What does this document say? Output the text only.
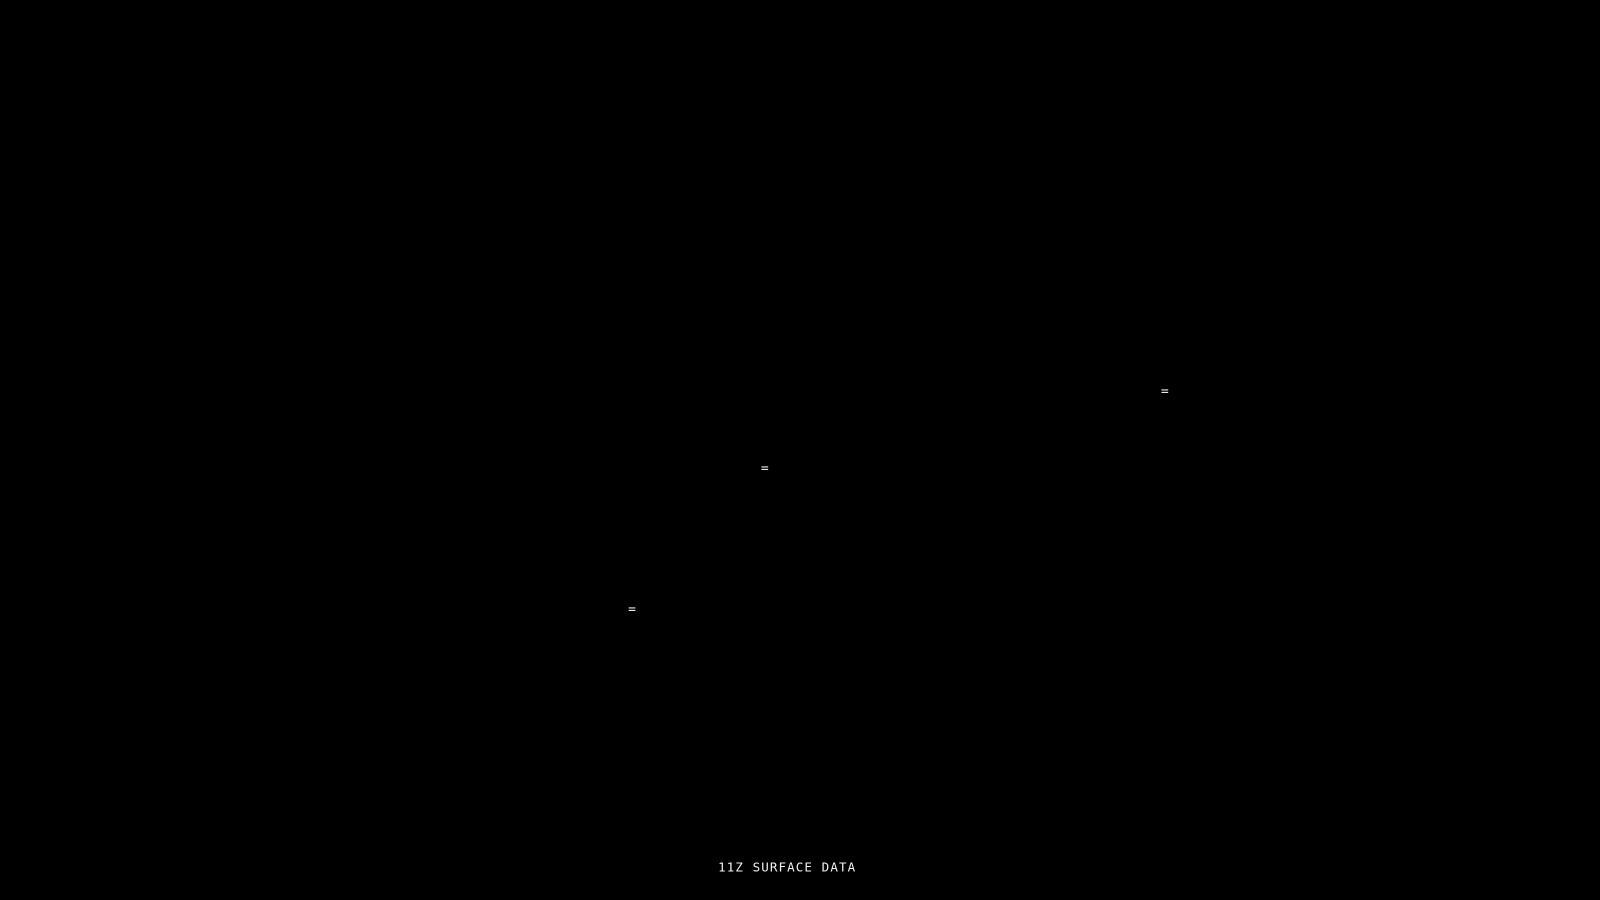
=
=
=
11Z SURFACE DATA
